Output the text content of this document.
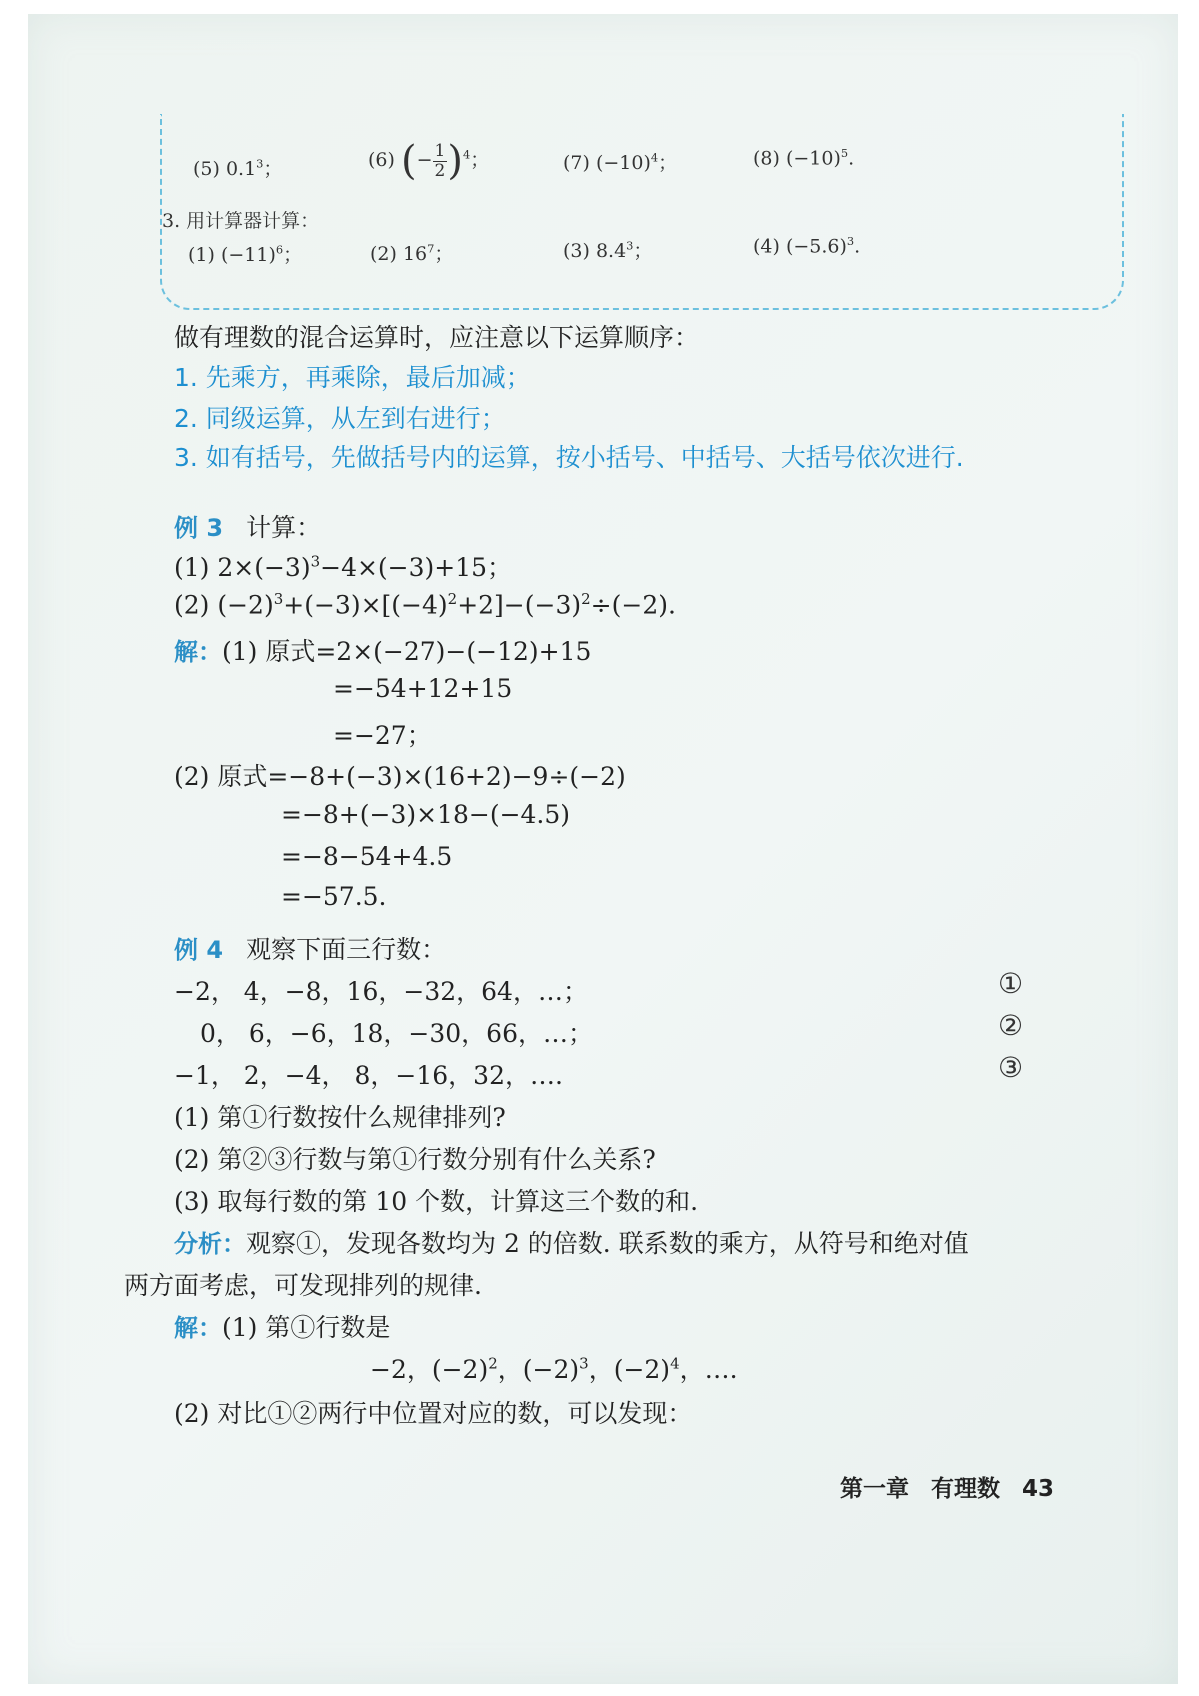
(5) $0.1^3$；	(6) (− $\frac{1}{2} )^4$；	(7) $(-10)^4$；	(8) $(-10)^5$.
3. 用计算器计算：
(1) $(-11)^6$；	(2) $16^7$；	(3) $8.4^3$；	(4) $(-5.6)^3$.
做有理数的混合运算时，应注意以下运算顺序：
1. 先乘方，再乘除，最后加减；
2. 同级运算，从左到右进行；
3. 如有括号，先做括号内的运算，按小括号、中括号、大括号依次进行.
例 3 计算：
(1) $2\times(-3)^3-4\times(-3)+15$；
(2) $(-2)^3+(-3)\times[(-4)^2+2]-(-3)^2\div(-2)$.
解：(1) 原式=2×(−27)−(−12)+15
=−54+12+15
=−27；
(2) 原式=−8+(−3)×(16+2)−9÷(−2)
=−8+(−3)×18−(−4.5)
=−8−54+4.5
=−57.5.
例 4 观察下面三行数：
−2， 4，−8，16，−32，64，…；	①
0， 6，−6，18，−30，66，…；	②
−1， 2，−4， 8，−16，32，….	③
(1) 第①行数按什么规律排列?
(2) 第②③行数与第①行数分别有什么关系?
(3) 取每行数的第 10 个数，计算这三个数的和.
分析：观察①，发现各数均为 2 的倍数. 联系数的乘方，从符号和绝对值
两方面考虑，可发现排列的规律.
解：(1) 第①行数是
−2，$(-2)^2$，$(-2)^3$，$(-2)^4$，….
(2) 对比①②两行中位置对应的数，可以发现：
第一章 有理数 43
